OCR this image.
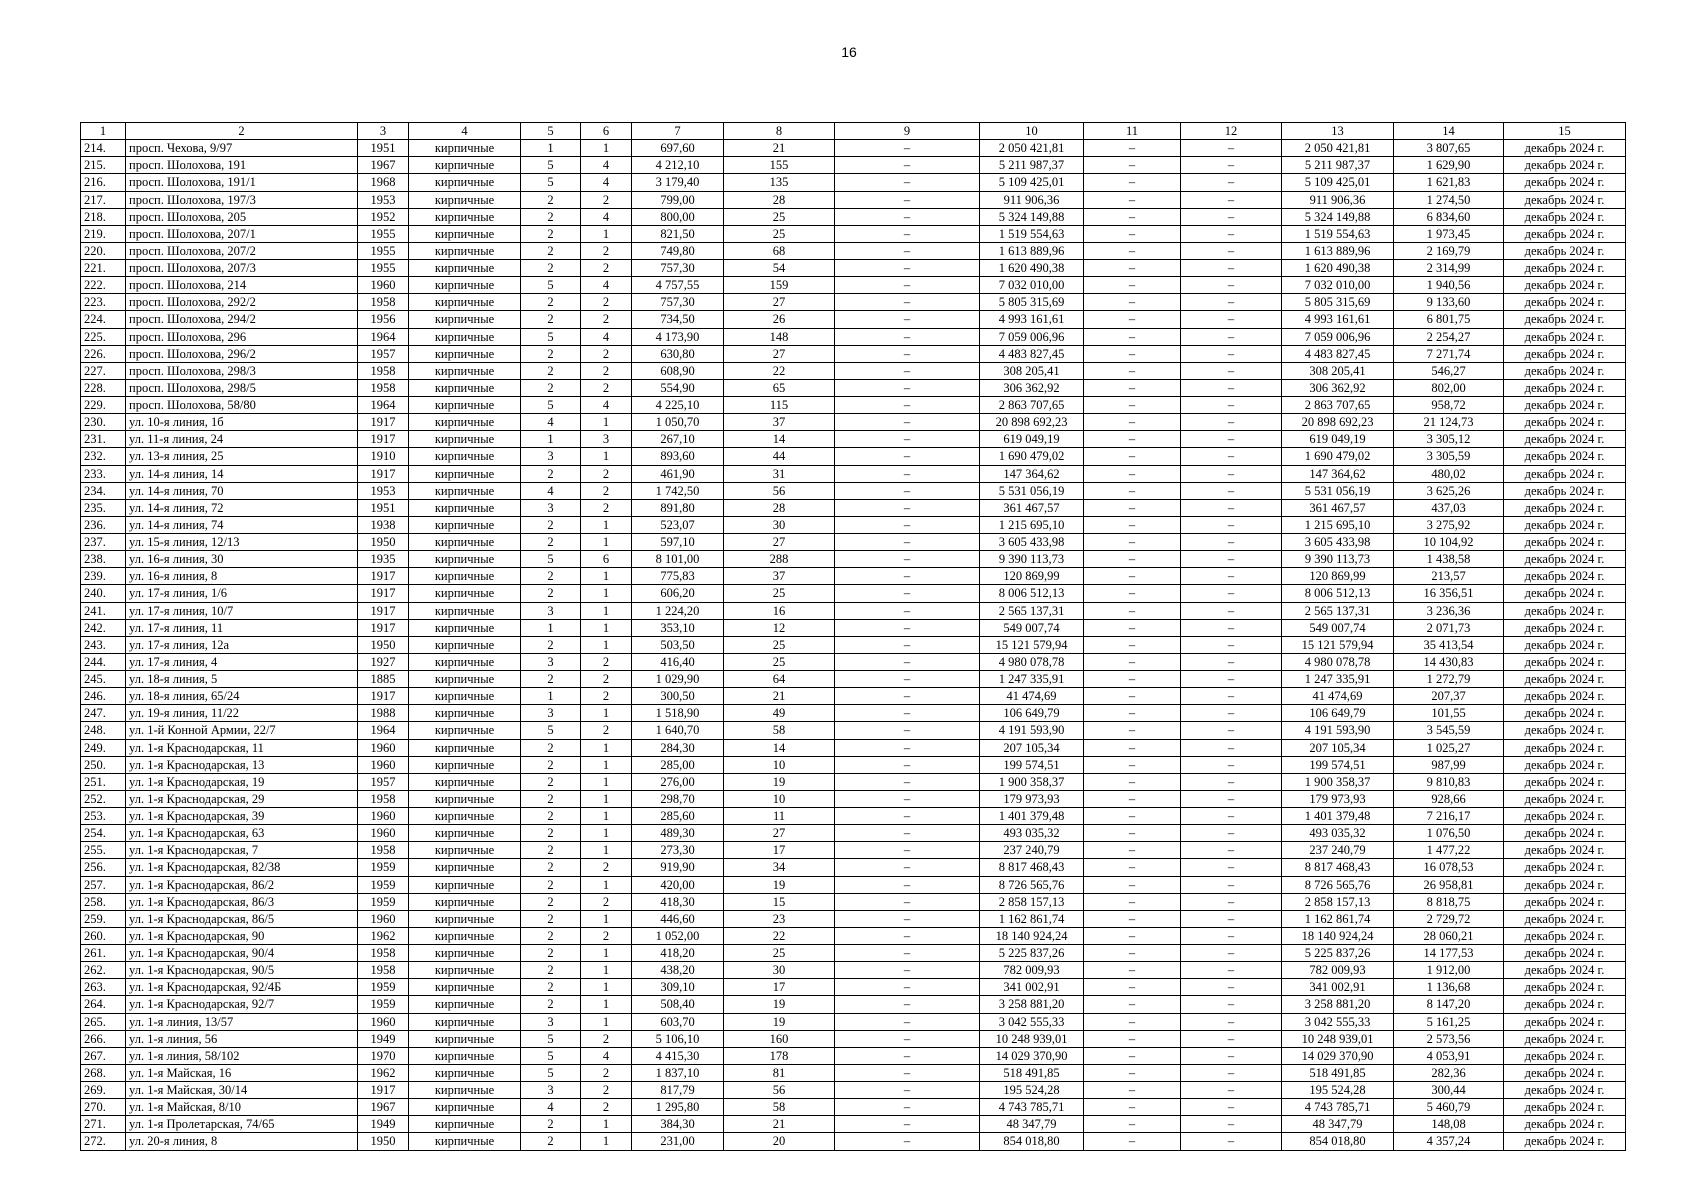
16
1	2	3	4	5	6	7	8	9	10	11	12	13	14	15
214.	просп. Чехова, 9/97	1951	кирпичные	1	1	697,60	21	–	2 050 421,81	–	–	2 050 421,81	3 807,65	декабрь 2024 г.
215.	просп. Шолохова, 191	1967	кирпичные	5	4	4 212,10	155	–	5 211 987,37	–	–	5 211 987,37	1 629,90	декабрь 2024 г.
216.	просп. Шолохова, 191/1	1968	кирпичные	5	4	3 179,40	135	–	5 109 425,01	–	–	5 109 425,01	1 621,83	декабрь 2024 г.
217.	просп. Шолохова, 197/3	1953	кирпичные	2	2	799,00	28	–	911 906,36	–	–	911 906,36	1 274,50	декабрь 2024 г.
218.	просп. Шолохова, 205	1952	кирпичные	2	4	800,00	25	–	5 324 149,88	–	–	5 324 149,88	6 834,60	декабрь 2024 г.
219.	просп. Шолохова, 207/1	1955	кирпичные	2	1	821,50	25	–	1 519 554,63	–	–	1 519 554,63	1 973,45	декабрь 2024 г.
220.	просп. Шолохова, 207/2	1955	кирпичные	2	2	749,80	68	–	1 613 889,96	–	–	1 613 889,96	2 169,79	декабрь 2024 г.
221.	просп. Шолохова, 207/3	1955	кирпичные	2	2	757,30	54	–	1 620 490,38	–	–	1 620 490,38	2 314,99	декабрь 2024 г.
222.	просп. Шолохова, 214	1960	кирпичные	5	4	4 757,55	159	–	7 032 010,00	–	–	7 032 010,00	1 940,56	декабрь 2024 г.
223.	просп. Шолохова, 292/2	1958	кирпичные	2	2	757,30	27	–	5 805 315,69	–	–	5 805 315,69	9 133,60	декабрь 2024 г.
224.	просп. Шолохова, 294/2	1956	кирпичные	2	2	734,50	26	–	4 993 161,61	–	–	4 993 161,61	6 801,75	декабрь 2024 г.
225.	просп. Шолохова, 296	1964	кирпичные	5	4	4 173,90	148	–	7 059 006,96	–	–	7 059 006,96	2 254,27	декабрь 2024 г.
226.	просп. Шолохова, 296/2	1957	кирпичные	2	2	630,80	27	–	4 483 827,45	–	–	4 483 827,45	7 271,74	декабрь 2024 г.
227.	просп. Шолохова, 298/3	1958	кирпичные	2	2	608,90	22	–	308 205,41	–	–	308 205,41	546,27	декабрь 2024 г.
228.	просп. Шолохова, 298/5	1958	кирпичные	2	2	554,90	65	–	306 362,92	–	–	306 362,92	802,00	декабрь 2024 г.
229.	просп. Шолохова, 58/80	1964	кирпичные	5	4	4 225,10	115	–	2 863 707,65	–	–	2 863 707,65	958,72	декабрь 2024 г.
230.	ул. 10-я линия, 1б	1917	кирпичные	4	1	1 050,70	37	–	20 898 692,23	–	–	20 898 692,23	21 124,73	декабрь 2024 г.
231.	ул. 11-я линия, 24	1917	кирпичные	1	3	267,10	14	–	619 049,19	–	–	619 049,19	3 305,12	декабрь 2024 г.
232.	ул. 13-я линия, 25	1910	кирпичные	3	1	893,60	44	–	1 690 479,02	–	–	1 690 479,02	3 305,59	декабрь 2024 г.
233.	ул. 14-я линия, 14	1917	кирпичные	2	2	461,90	31	–	147 364,62	–	–	147 364,62	480,02	декабрь 2024 г.
234.	ул. 14-я линия, 70	1953	кирпичные	4	2	1 742,50	56	–	5 531 056,19	–	–	5 531 056,19	3 625,26	декабрь 2024 г.
235.	ул. 14-я линия, 72	1951	кирпичные	3	2	891,80	28	–	361 467,57	–	–	361 467,57	437,03	декабрь 2024 г.
236.	ул. 14-я линия, 74	1938	кирпичные	2	1	523,07	30	–	1 215 695,10	–	–	1 215 695,10	3 275,92	декабрь 2024 г.
237.	ул. 15-я линия, 12/13	1950	кирпичные	2	1	597,10	27	–	3 605 433,98	–	–	3 605 433,98	10 104,92	декабрь 2024 г.
238.	ул. 16-я линия, 30	1935	кирпичные	5	6	8 101,00	288	–	9 390 113,73	–	–	9 390 113,73	1 438,58	декабрь 2024 г.
239.	ул. 16-я линия, 8	1917	кирпичные	2	1	775,83	37	–	120 869,99	–	–	120 869,99	213,57	декабрь 2024 г.
240.	ул. 17-я линия, 1/6	1917	кирпичные	2	1	606,20	25	–	8 006 512,13	–	–	8 006 512,13	16 356,51	декабрь 2024 г.
241.	ул. 17-я линия, 10/7	1917	кирпичные	3	1	1 224,20	16	–	2 565 137,31	–	–	2 565 137,31	3 236,36	декабрь 2024 г.
242.	ул. 17-я линия, 11	1917	кирпичные	1	1	353,10	12	–	549 007,74	–	–	549 007,74	2 071,73	декабрь 2024 г.
243.	ул. 17-я линия, 12а	1950	кирпичные	2	1	503,50	25	–	15 121 579,94	–	–	15 121 579,94	35 413,54	декабрь 2024 г.
244.	ул. 17-я линия, 4	1927	кирпичные	3	2	416,40	25	–	4 980 078,78	–	–	4 980 078,78	14 430,83	декабрь 2024 г.
245.	ул. 18-я линия, 5	1885	кирпичные	2	2	1 029,90	64	–	1 247 335,91	–	–	1 247 335,91	1 272,79	декабрь 2024 г.
246.	ул. 18-я линия, 65/24	1917	кирпичные	1	2	300,50	21	–	41 474,69	–	–	41 474,69	207,37	декабрь 2024 г.
247.	ул. 19-я линия, 11/22	1988	кирпичные	3	1	1 518,90	49	–	106 649,79	–	–	106 649,79	101,55	декабрь 2024 г.
248.	ул. 1-й Конной Армии, 22/7	1964	кирпичные	5	2	1 640,70	58	–	4 191 593,90	–	–	4 191 593,90	3 545,59	декабрь 2024 г.
249.	ул. 1-я Краснодарская, 11	1960	кирпичные	2	1	284,30	14	–	207 105,34	–	–	207 105,34	1 025,27	декабрь 2024 г.
250.	ул. 1-я Краснодарская, 13	1960	кирпичные	2	1	285,00	10	–	199 574,51	–	–	199 574,51	987,99	декабрь 2024 г.
251.	ул. 1-я Краснодарская, 19	1957	кирпичные	2	1	276,00	19	–	1 900 358,37	–	–	1 900 358,37	9 810,83	декабрь 2024 г.
252.	ул. 1-я Краснодарская, 29	1958	кирпичные	2	1	298,70	10	–	179 973,93	–	–	179 973,93	928,66	декабрь 2024 г.
253.	ул. 1-я Краснодарская, 39	1960	кирпичные	2	1	285,60	11	–	1 401 379,48	–	–	1 401 379,48	7 216,17	декабрь 2024 г.
254.	ул. 1-я Краснодарская, 63	1960	кирпичные	2	1	489,30	27	–	493 035,32	–	–	493 035,32	1 076,50	декабрь 2024 г.
255.	ул. 1-я Краснодарская, 7	1958	кирпичные	2	1	273,30	17	–	237 240,79	–	–	237 240,79	1 477,22	декабрь 2024 г.
256.	ул. 1-я Краснодарская, 82/38	1959	кирпичные	2	2	919,90	34	–	8 817 468,43	–	–	8 817 468,43	16 078,53	декабрь 2024 г.
257.	ул. 1-я Краснодарская, 86/2	1959	кирпичные	2	1	420,00	19	–	8 726 565,76	–	–	8 726 565,76	26 958,81	декабрь 2024 г.
258.	ул. 1-я Краснодарская, 86/3	1959	кирпичные	2	2	418,30	15	–	2 858 157,13	–	–	2 858 157,13	8 818,75	декабрь 2024 г.
259.	ул. 1-я Краснодарская, 86/5	1960	кирпичные	2	1	446,60	23	–	1 162 861,74	–	–	1 162 861,74	2 729,72	декабрь 2024 г.
260.	ул. 1-я Краснодарская, 90	1962	кирпичные	2	2	1 052,00	22	–	18 140 924,24	–	–	18 140 924,24	28 060,21	декабрь 2024 г.
261.	ул. 1-я Краснодарская, 90/4	1958	кирпичные	2	1	418,20	25	–	5 225 837,26	–	–	5 225 837,26	14 177,53	декабрь 2024 г.
262.	ул. 1-я Краснодарская, 90/5	1958	кирпичные	2	1	438,20	30	–	782 009,93	–	–	782 009,93	1 912,00	декабрь 2024 г.
263.	ул. 1-я Краснодарская, 92/4Б	1959	кирпичные	2	1	309,10	17	–	341 002,91	–	–	341 002,91	1 136,68	декабрь 2024 г.
264.	ул. 1-я Краснодарская, 92/7	1959	кирпичные	2	1	508,40	19	–	3 258 881,20	–	–	3 258 881,20	8 147,20	декабрь 2024 г.
265.	ул. 1-я линия, 13/57	1960	кирпичные	3	1	603,70	19	–	3 042 555,33	–	–	3 042 555,33	5 161,25	декабрь 2024 г.
266.	ул. 1-я линия, 56	1949	кирпичные	5	2	5 106,10	160	–	10 248 939,01	–	–	10 248 939,01	2 573,56	декабрь 2024 г.
267.	ул. 1-я линия, 58/102	1970	кирпичные	5	4	4 415,30	178	–	14 029 370,90	–	–	14 029 370,90	4 053,91	декабрь 2024 г.
268.	ул. 1-я Майская, 16	1962	кирпичные	5	2	1 837,10	81	–	518 491,85	–	–	518 491,85	282,36	декабрь 2024 г.
269.	ул. 1-я Майская, 30/14	1917	кирпичные	3	2	817,79	56	–	195 524,28	–	–	195 524,28	300,44	декабрь 2024 г.
270.	ул. 1-я Майская, 8/10	1967	кирпичные	4	2	1 295,80	58	–	4 743 785,71	–	–	4 743 785,71	5 460,79	декабрь 2024 г.
271.	ул. 1-я Пролетарская, 74/65	1949	кирпичные	2	1	384,30	21	–	48 347,79	–	–	48 347,79	148,08	декабрь 2024 г.
272.	ул. 20-я линия, 8	1950	кирпичные	2	1	231,00	20	–	854 018,80	–	–	854 018,80	4 357,24	декабрь 2024 г.
